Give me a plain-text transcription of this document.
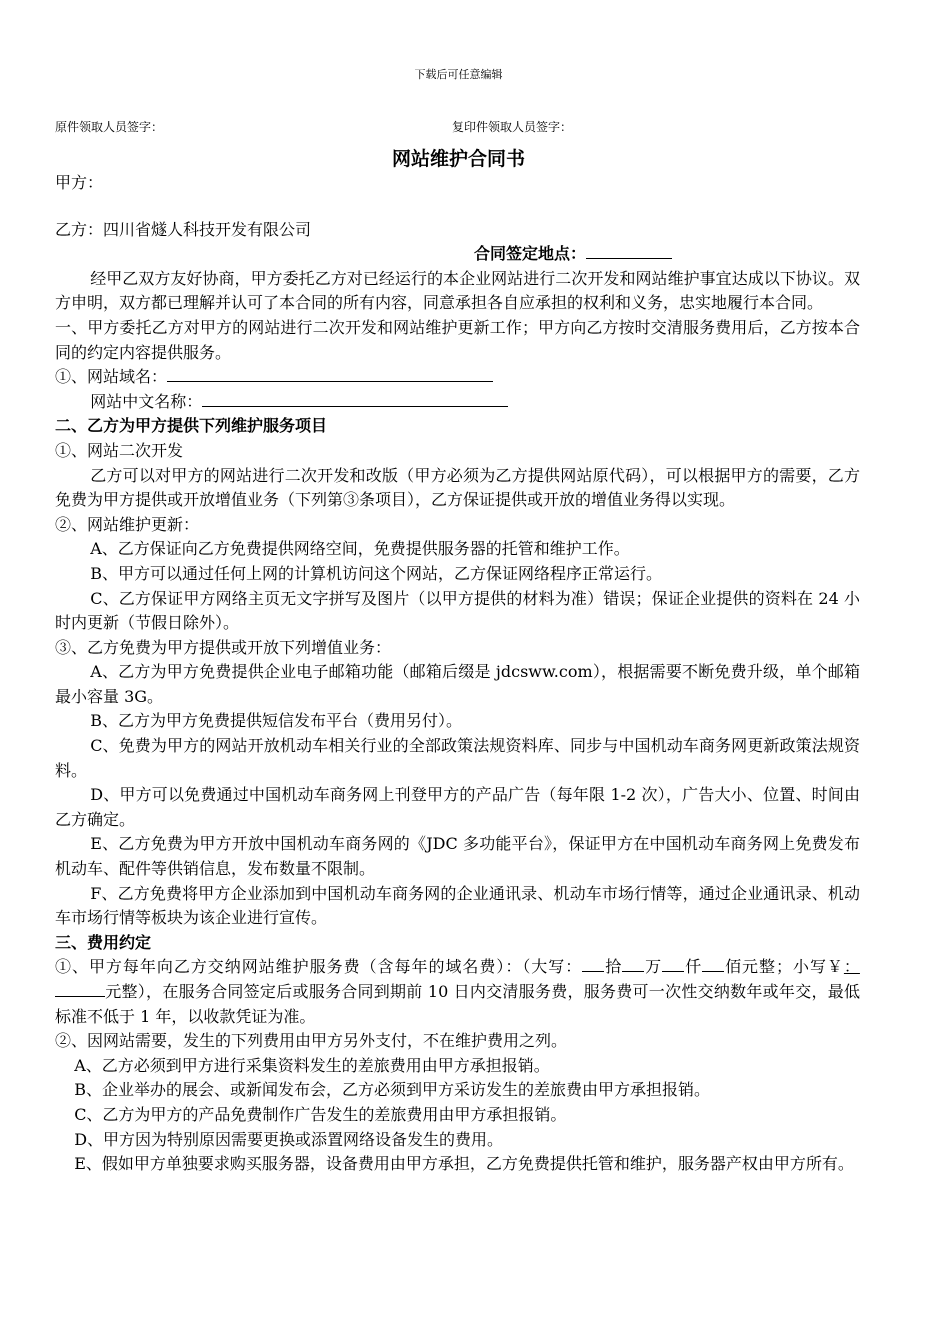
下载后可任意编辑
原件领取人员签字：	复印件领取人员签字：
网站维护合同书

甲方：

乙方：四川省燧人科技开发有限公司

合同签定地点：

经甲乙双方友好协商，甲方委托乙方对已经运行的本企业网站进行二次开发和网站维护事宜达成以下协议。双方申明，双方都已理解并认可了本合同的所有内容，同意承担各自应承担的权利和义务，忠实地履行本合同。

一、甲方委托乙方对甲方的网站进行二次开发和网站维护更新工作；甲方向乙方按时交清服务费用后，乙方按本合同的约定内容提供服务。

①、网站域名：

网站中文名称：

二、乙方为甲方提供下列维护服务项目

①、网站二次开发

乙方可以对甲方的网站进行二次开发和改版（甲方必须为乙方提供网站原代码），可以根据甲方的需要，乙方免费为甲方提供或开放增值业务（下列第③条项目），乙方保证提供或开放的增值业务得以实现。

②、网站维护更新：

A、乙方保证向乙方免费提供网络空间，免费提供服务器的托管和维护工作。

B、甲方可以通过任何上网的计算机访问这个网站，乙方保证网络程序正常运行。

C、乙方保证甲方网络主页无文字拼写及图片（以甲方提供的材料为准）错误；保证企业提供的资料在 24 小时内更新（节假日除外）。

③、乙方免费为甲方提供或开放下列增值业务：

A、乙方为甲方免费提供企业电子邮箱功能（邮箱后缀是 jdcsww.com），根据需要不断免费升级，单个邮箱最小容量 3G。

B、乙方为甲方免费提供短信发布平台（费用另付）。

C、免费为甲方的网站开放机动车相关行业的全部政策法规资料库、同步与中国机动车商务网更新政策法规资料。

D、甲方可以免费通过中国机动车商务网上刊登甲方的产品广告（每年限 1-2 次），广告大小、位置、时间由乙方确定。

E、乙方免费为甲方开放中国机动车商务网的《JDC 多功能平台》，保证甲方在中国机动车商务网上免费发布机动车、配件等供销信息，发布数量不限制。

F、乙方免费将甲方企业添加到中国机动车商务网的企业通讯录、机动车市场行情等，通过企业通讯录、机动车市场行情等板块为该企业进行宣传。

三、费用约定

①、甲方每年向乙方交纳网站维护服务费（含每年的域名费）：（大写： 拾 万 仟 佰元整；小写￥：元整），在服务合同签定后或服务合同到期前 10 日内交清服务费，服务费可一次性交纳数年或年交，最低标准不低于 1 年，以收款凭证为准。

②、因网站需要，发生的下列费用由甲方另外支付，不在维护费用之列。

A、乙方必须到甲方进行采集资料发生的差旅费用由甲方承担报销。

B、企业举办的展会、或新闻发布会，乙方必须到甲方采访发生的差旅费由甲方承担报销。

C、乙方为甲方的产品免费制作广告发生的差旅费用由甲方承担报销。

D、甲方因为特别原因需要更换或添置网络设备发生的费用。

E、假如甲方单独要求购买服务器，设备费用由甲方承担，乙方免费提供托管和维护，服务器产权由甲方所有。
